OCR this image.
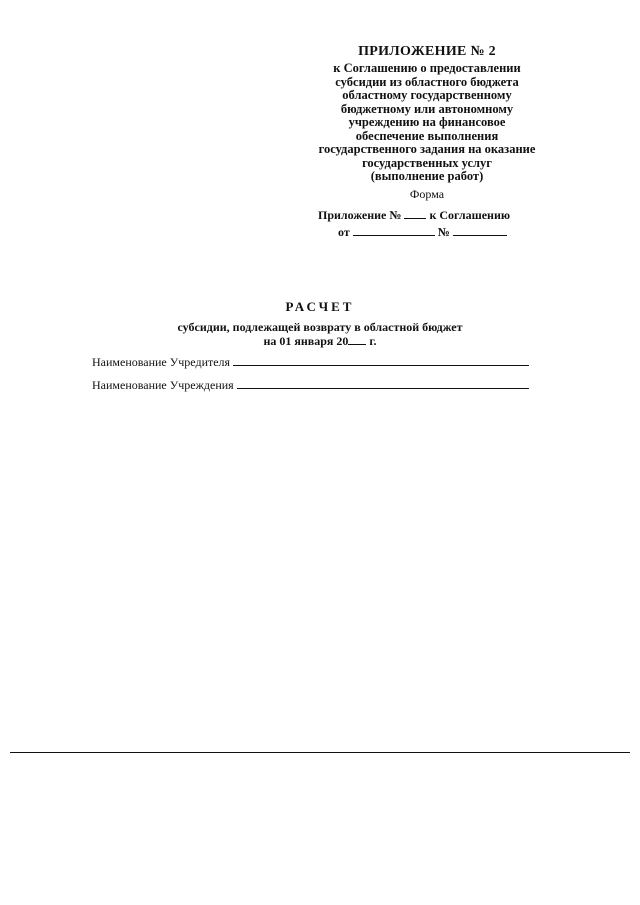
ПРИЛОЖЕНИЕ № 2
к Соглашению о предоставлении
субсидии из областного бюджета
областному государственному
бюджетному или автономному
учреждению на финансовое
обеспечение выполнения
государственного задания на оказание
государственных услуг
(выполнение работ)
Форма
Приложение № к Соглашению
от	№
РАСЧЕТ
субсидии, подлежащей возврату в областной бюджет
на 01 января 20 г.
Наименование Учредителя
Наименование Учреждения
